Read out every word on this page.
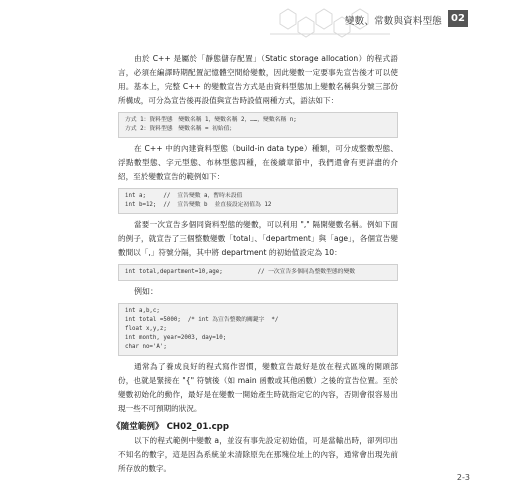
變數、常數與資料型態 02

由於 C++ 是屬於「靜態儲存配置」（Static storage allocation）的程式語言，必須在編譯時期配置記憶體空間給變數，因此變數一定要事先宣告後才可以使用。基本上，完整 C++ 的變數宣告方式是由資料型態加上變數名稱與分號三部份所構成，可分為宣告後再設值與宣告時設值兩種方式，語法如下：

方式 1：資料型態　變數名稱 1，變數名稱 2，……，變數名稱 n;
方式 2：資料型態　變數名稱 = 初始值；

在 C++ 中的內建資料型態（build-in data type）種類，可分成整數型態、浮點數型態、字元型態、布林型態四種，在後續章節中，我們還會有更詳盡的介紹，至於變數宣告的範例如下：

int a;     //  宣告變數 a，暫時未設值
int b=12;  //  宣告變數 b  並直接設定初值為 12

當要一次宣告多個同資料型態的變數，可以利用 "," 隔開變數名稱。例如下面的例子，就宣告了三個整數變數「total」、「department」與「age」，各個宣告變數間以「,」符號分隔，其中將 department 的初始值設定為 10：

int total,department=10,age;          // 一次宣告多個同為整數型態的變數

例如：

int a,b,c;
int total =5000;  /* int 為宣告整數的關鍵字  */
float x,y,z;
int month, year=2003, day=10;
char no='A';

通常為了養成良好的程式寫作習慣，變數宣告最好是放在程式區塊的開頭部份，也就是緊接在 "{" 符號後（如 main 函數或其他函數）之後的宣告位置。至於變數初始化的動作，最好是在變數一開始產生時就指定它的內容，否則會很容易出現一些不可預期的狀況。

《隨堂範例》 CH02_01.cpp

以下的程式範例中變數 a，並沒有事先設定初始值，可是當輸出時，卻列印出不知名的數字，這是因為系統並未清除原先在那塊位址上的內容，通常會出現先前所存放的數字。

2-3
